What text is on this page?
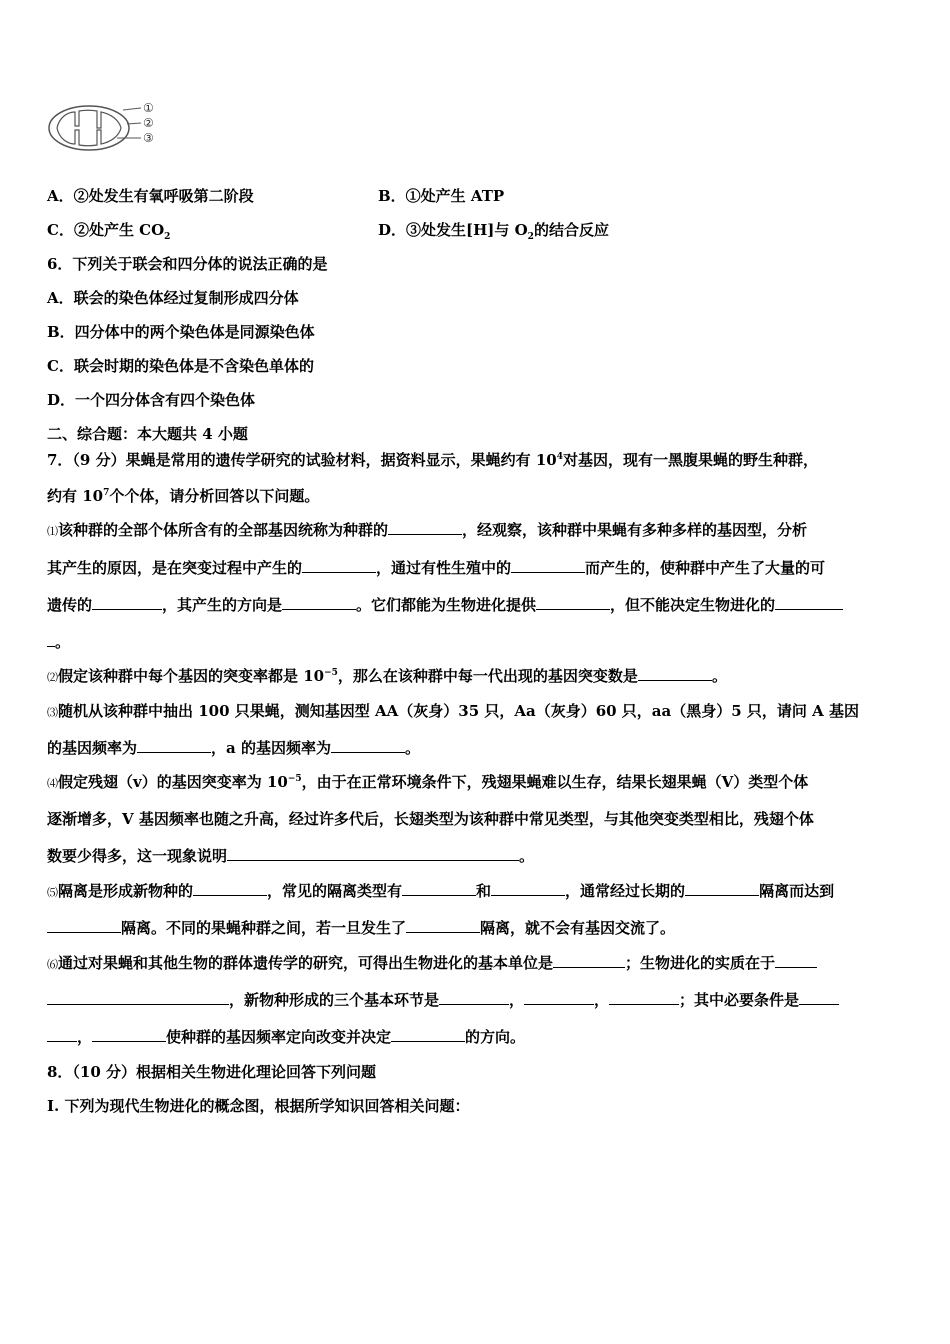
①
②
③
A．②处发生有氧呼吸第二阶段	B．①处产生 ATP
C．②处产生 $CO_2$	D．③处发生[H]与 $O_2$的结合反应
6．下列关于联会和四分体的说法正确的是
A．联会的染色体经过复制形成四分体
B．四分体中的两个染色体是同源染色体
C．联会时期的染色体是不含染色单体的
D．一个四分体含有四个染色体
二、综合题：本大题共 4 小题
7．（9 分）果蝇是常用的遗传学研究的试验材料，据资料显示，果蝇约有 $10^4$对基因，现有一黑腹果蝇的野生种群，
约有 $10^7$个个体，请分析回答以下问题。
⑴该种群的全部个体所含有的全部基因统称为种群的	，经观察，该种群中果蝇有多种多样的基因型，分析
其产生的原因，是在突变过程中产生的	，通过有性生殖中的	而产生的，使种群中产生了大量的可
遗传的	，其产生的方向是	。它们都能为生物进化提供	，但不能决定生物进化的
。
⑵假定该种群中每个基因的突变率都是 $10^{-5}$，那么在该种群中每一代出现的基因突变数是	。
⑶随机从该种群中抽出 100 只果蝇，测知基因型 AA（灰身）35 只，Aa（灰身）60 只，aa（黑身）5 只，请问 A 基因
的基因频率为	，a 的基因频率为	。
⑷假定残翅（v）的基因突变率为 $10^{-5}$，由于在正常环境条件下，残翅果蝇难以生存，结果长翅果蝇（V）类型个体
逐渐增多，V 基因频率也随之升高，经过许多代后，长翅类型为该种群中常见类型，与其他突变类型相比，残翅个体
数要少得多，这一现象说明	。
⑸隔离是形成新物种的	，常见的隔离类型有	和	，通常经过长期的	隔离而达到
隔离。不同的果蝇种群之间，若一旦发生了	隔离，就不会有基因交流了。
⑹通过对果蝇和其他生物的群体遗传学的研究，可得出生物进化的基本单位是	；生物进化的实质在于
，新物种形成的三个基本环节是	，	，	；其中必要条件是
，	使种群的基因频率定向改变并决定	的方向。
8．（10 分）根据相关生物进化理论回答下列问题
I. 下列为现代生物进化的概念图，根据所学知识回答相关问题：
